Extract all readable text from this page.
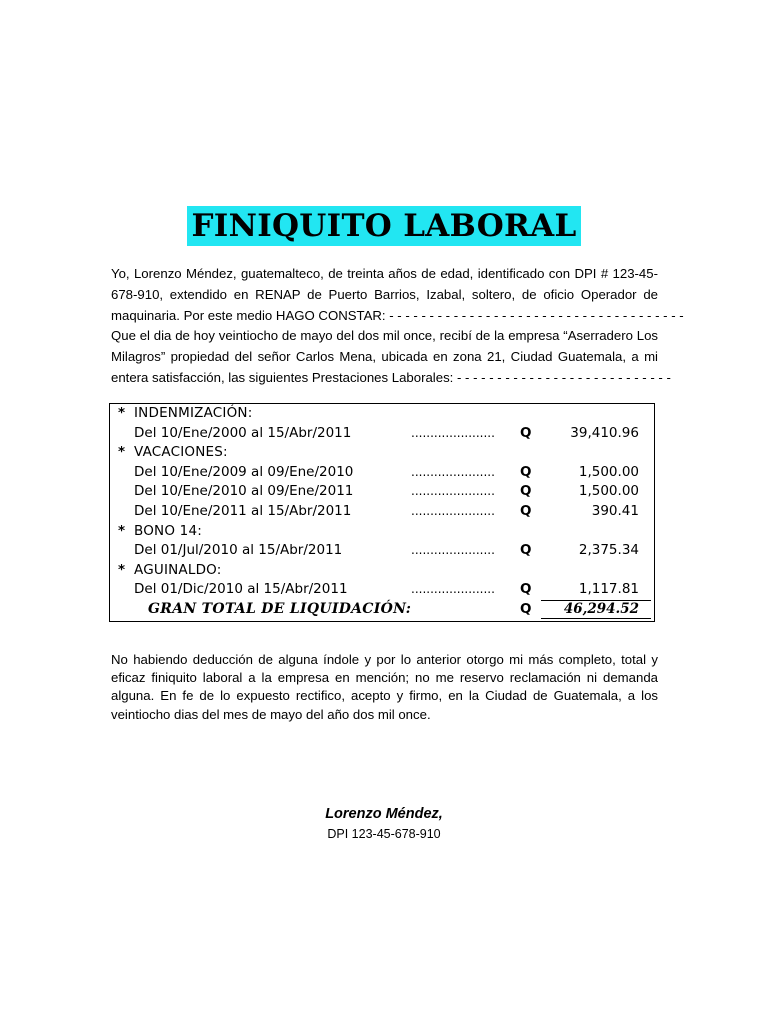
FINIQUITO LABORAL

Yo, Lorenzo Méndez, guatemalteco, de treinta años de edad, identificado con DPI # 123-45-
678-910, extendido en RENAP de Puerto Barrios, Izabal, soltero, de oficio Operador de
maquinaria. Por este medio HAGO CONSTAR: - - - - - - - - - - - - - - - - - - - - - - - - - - - - - - - - - - - - -
Que el dia de hoy veintiocho de mayo del dos mil once, recibí de la empresa “Aserradero Los
Milagros” propiedad del señor Carlos Mena, ubicada en zona 21, Ciudad Guatemala, a mi
entera satisfacción, las siguientes Prestaciones Laborales: - - - - - - - - - - - - - - - - - - - - - - - - - - -

* INDENMIZACIÓN:
Del 10/Ene/2000 al 15/Abr/2011	......................	Q	39,410.96
* VACACIONES:
Del 10/Ene/2009 al 09/Ene/2010	......................	Q	1,500.00
Del 10/Ene/2010 al 09/Ene/2011	......................	Q	1,500.00
Del 10/Ene/2011 al 15/Abr/2011	......................	Q	390.41
* BONO 14:
Del 01/Jul/2010 al 15/Abr/2011	......................	Q	2,375.34
* AGUINALDO:
Del 01/Dic/2010 al 15/Abr/2011	......................	Q	1,117.81
GRAN TOTAL DE LIQUIDACIÓN:	Q 46,294.52

No habiendo deducción de alguna índole y por lo anterior otorgo mi más completo, total y
eficaz finiquito laboral a la empresa en mención; no me reservo reclamación ni demanda
alguna. En fe de lo expuesto rectifico, acepto y firmo, en la Ciudad de Guatemala, a los
veintiocho dias del mes de mayo del año dos mil once.

Lorenzo Méndez,
DPI 123-45-678-910
